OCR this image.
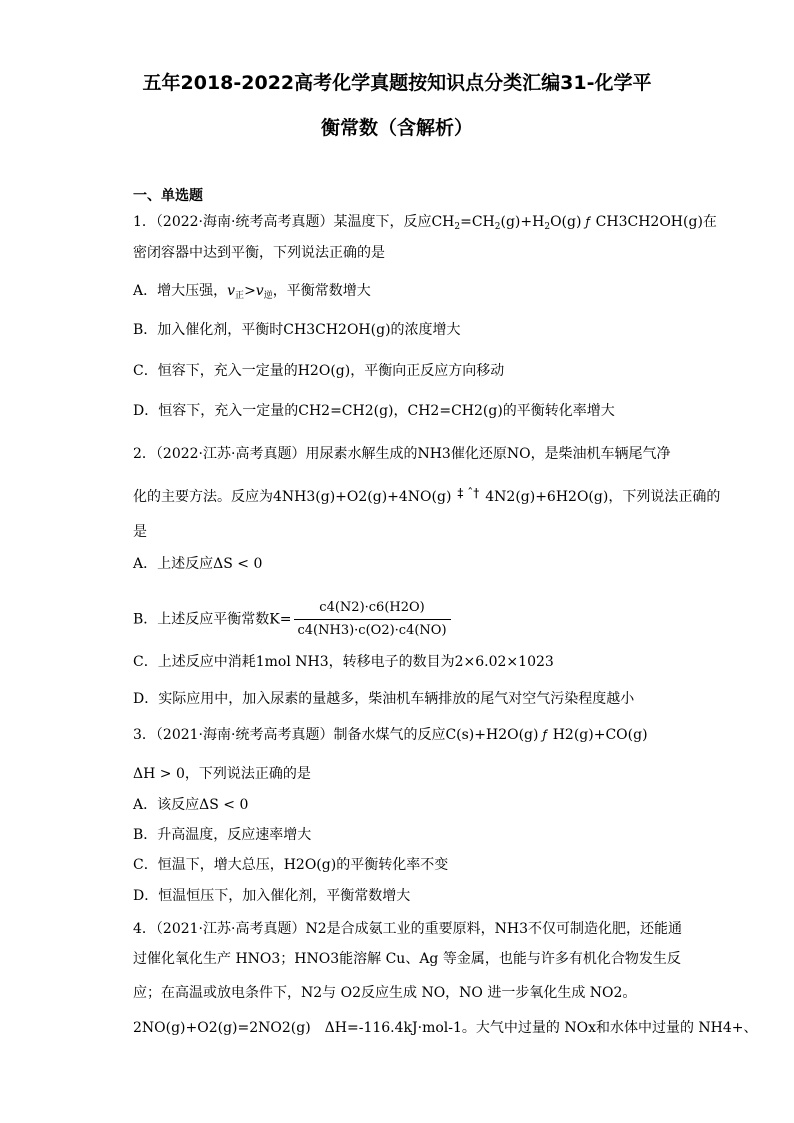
五年2018-2022高考化学真题按知识点分类汇编31-化学平
衡常数（含解析）
一、单选题
1．（2022·海南·统考高考真题）某温度下，反应$CH_2=CH_2(g)+H_2O(g)$ ƒ CH3CH2OH(g)在
密闭容器中达到平衡，下列说法正确的是
A．增大压强，$v_正>v_逆$，平衡常数增大
B．加入催化剂，平衡时CH3CH2OH(g)的浓度增大
C．恒容下，充入一定量的H2O(g)，平衡向正反应方向移动
D．恒容下，充入一定量的CH2=CH2(g)，CH2=CH2(g)的平衡转化率增大
2．（2022·江苏·高考真题）用尿素水解生成的NH3催化还原NO，是柴油机车辆尾气净
化的主要方法。反应为4NH3(g)+O2(g)+4NO(g) ‡ ˆ† 4N2(g)+6H2O(g)，下列说法正确的
是
A．上述反应ΔS < 0
B．上述反应平衡常数$K= \frac{c4(N2)\cdot c6(H2O)}{c4(NH3)\cdot c(O2)\cdot c4(NO)}$
C．上述反应中消耗1mol NH3，转移电子的数目为2×6.02×1023
D．实际应用中，加入尿素的量越多，柴油机车辆排放的尾气对空气污染程度越小
3．（2021·海南·统考高考真题）制备水煤气的反应C(s)+H2O(g) ƒ H2(g)+CO(g)
ΔH > 0，下列说法正确的是
A．该反应ΔS < 0
B．升高温度，反应速率增大
C．恒温下，增大总压，H2O(g)的平衡转化率不变
D．恒温恒压下，加入催化剂，平衡常数增大
4．（2021·江苏·高考真题）N2是合成氨工业的重要原料，NH3不仅可制造化肥，还能通
过催化氧化生产 HNO3；HNO3能溶解 Cu、Ag 等金属，也能与许多有机化合物发生反
应；在高温或放电条件下，N2与 O2反应生成 NO，NO 进一步氧化生成 NO2。
2NO(g)+O2(g)=2NO2(g)　ΔH=-116.4kJ·mol-1。大气中过量的 NOx和水体中过量的 NH4+、
